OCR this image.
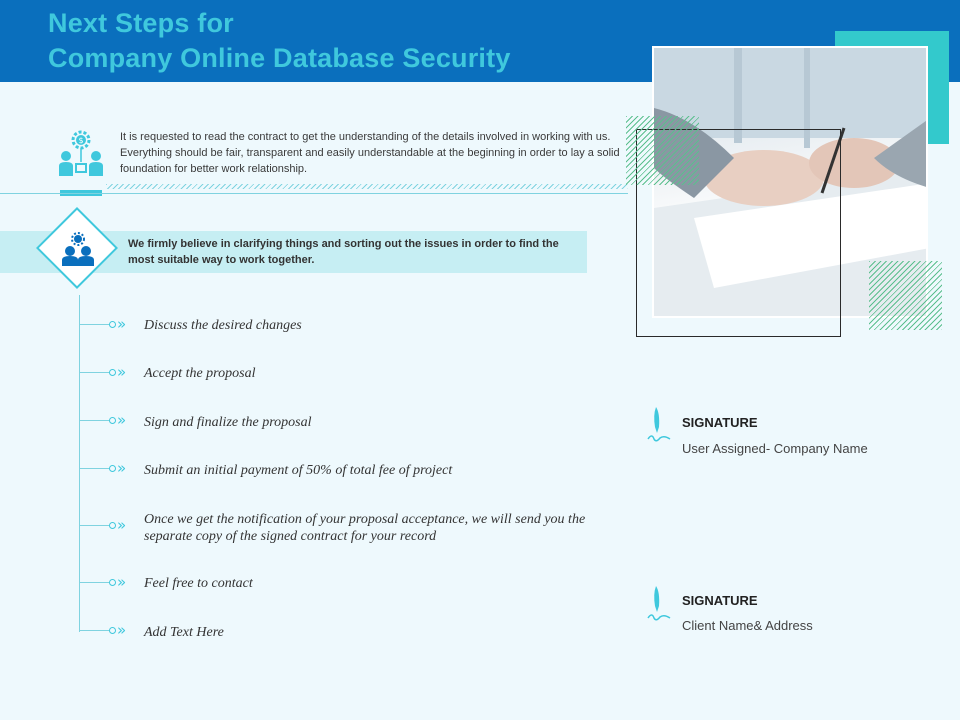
Next Steps for
Company Online Database Security
$	It is requested to read the contract to get the understanding of the details involved in working with us. Everything should be fair, transparent and easily understandable at the beginning in order to lay a solid foundation for better work relationship.

We firmly believe in clarifying things and sorting out the issues in order to find the most suitable way to work together.

» Discuss the desired changes

» Accept the proposal

» Sign and finalize the proposal

» Submit an initial payment of 50% of total fee of project

» Once we get the notification of your proposal acceptance, we will send you the separate copy of the signed contract for your record

» Feel free to contact

» Add Text Here

SIGNATURE
User Assigned- Company Name
SIGNATURE
Client Name& Address
